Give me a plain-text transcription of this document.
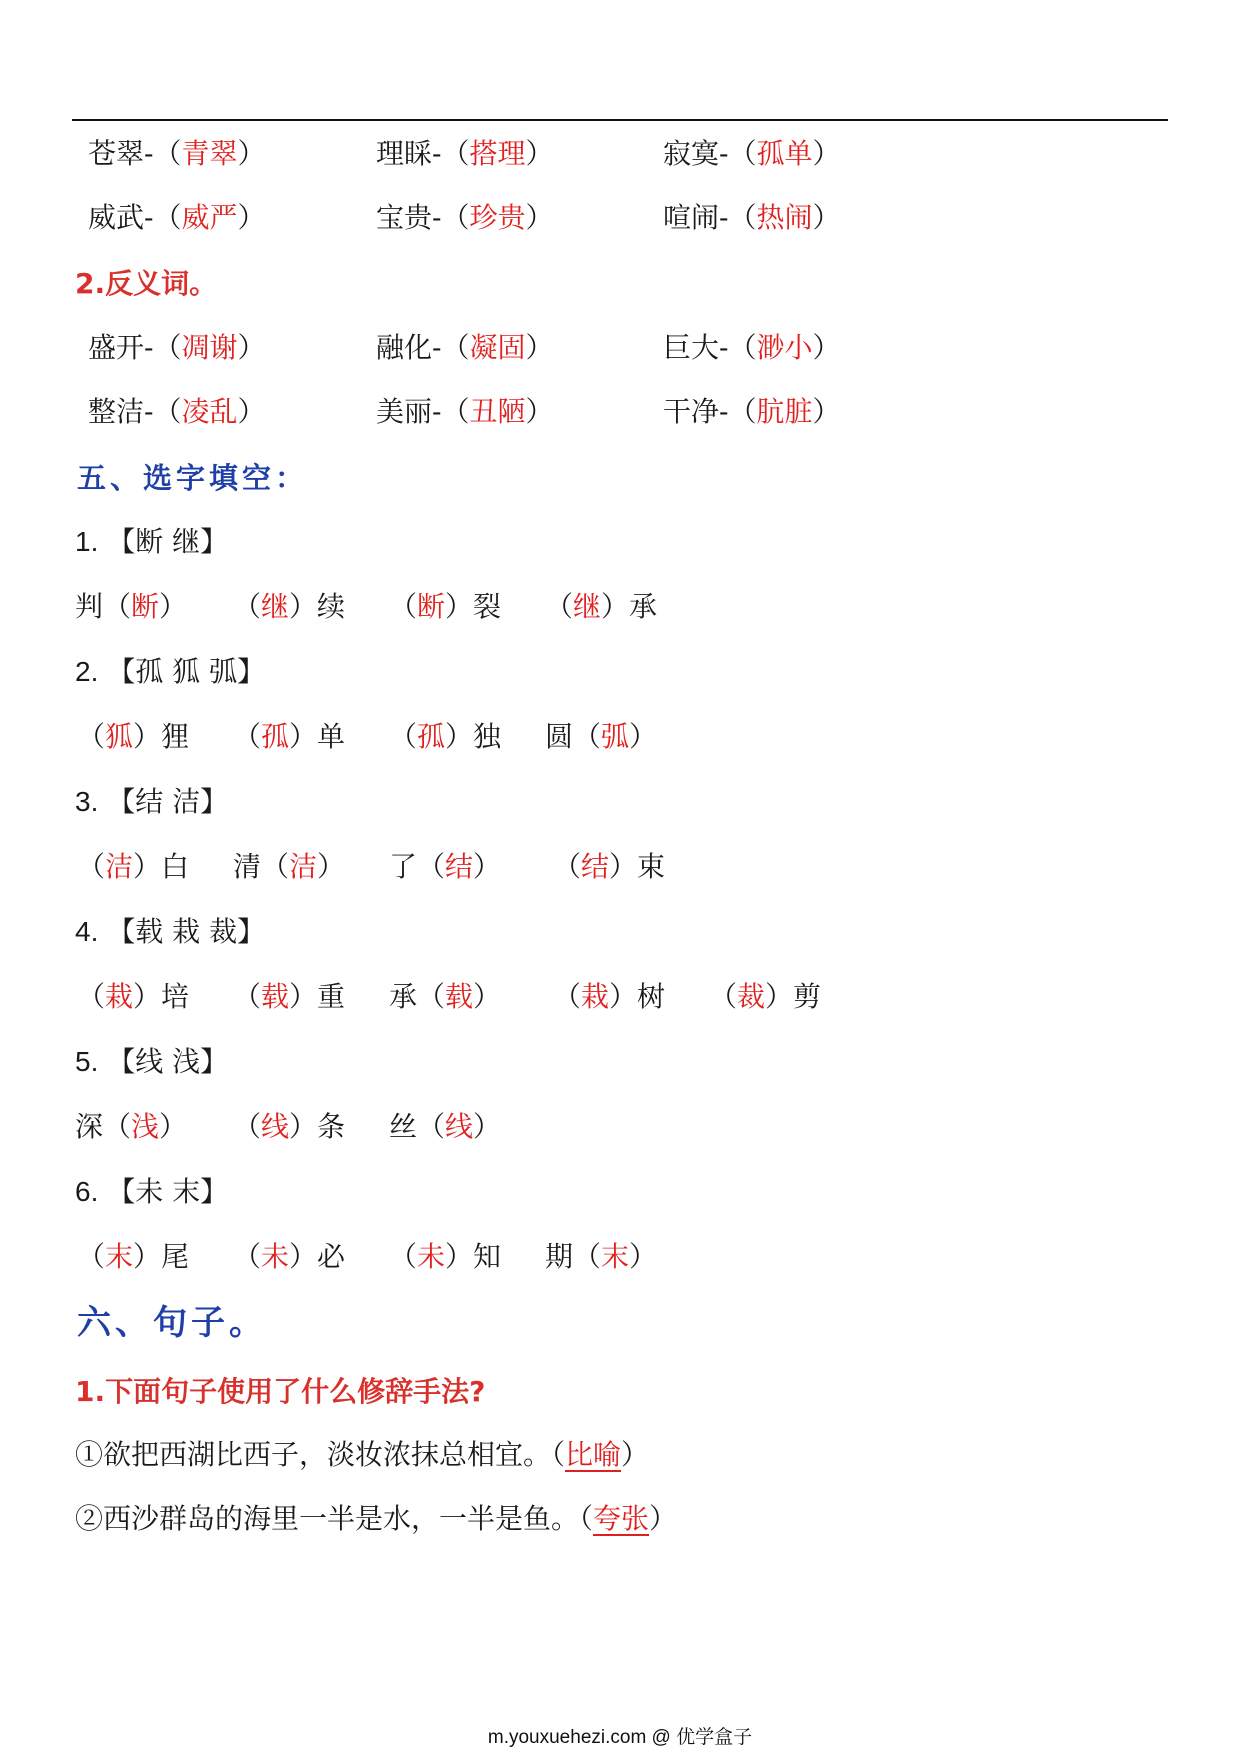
苍翠-（青翠）	理睬-（搭理）	寂寞-（孤单）
威武-（威严）	宝贵-（珍贵）	喧闹-（热闹）
2.反义词。
盛开-（凋谢）	融化-（凝固）	巨大-（渺小）
整洁-（凌乱）	美丽-（丑陋）	干净-（肮脏）
五、选字填空：
1. 【断 继】
判（断） （继）续 （断）裂 （继）承
2. 【孤 狐 弧】
（狐）狸 （孤）单 （孤）独 圆（弧）
3. 【结 洁】
（洁）白 清（洁） 了（结） （结）束
4. 【载 栽 裁】
（栽）培 （载）重 承（载） （栽）树 （裁）剪
5. 【线 浅】
深（浅） （线）条 丝（线）
6. 【未 末】
（末）尾 （未）必 （未）知 期（末）
六、句子。
1.下面句子使用了什么修辞手法?
①欲把西湖比西子，淡妆浓抹总相宜。（比喻）
②西沙群岛的海里一半是水，一半是鱼。（夸张）
m.youxuehezi.com @ 优学盒子
